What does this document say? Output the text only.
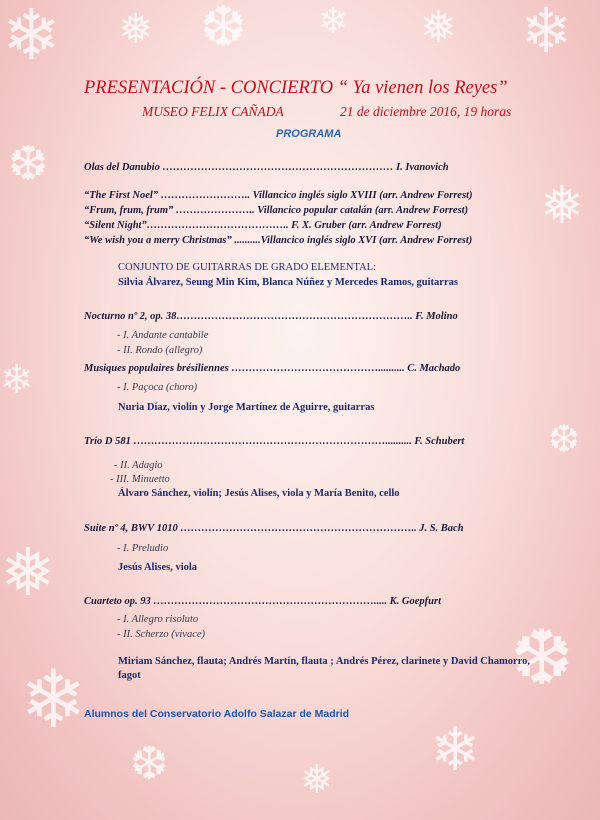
❄ ❅ ❆ ❄ ❅ ❄
❆
❅
❄
❆
❅
❄
❆	❅ ❄
❆
PRESENTACIÓN - CONCIERTO “ Ya vienen los Reyes”
MUSEO FELIX CAÑADA	21 de diciembre 2016, 19 horas
PROGRAMA
Olas del Danubio ………………………………………………………… I. Ivanovich
“The First Noel” …………………….. Villancico inglés siglo XVIII (arr. Andrew Forrest)
“Frum, frum, frum” ………………….. Villancico popular catalán (arr. Andrew Forrest)
“Silent Night”………………………………….. F. X. Gruber (arr. Andrew Forrest)
“We wish you a merry Christmas” ..........Villancico inglés siglo XVI (arr. Andrew Forrest)
CONJUNTO DE GUITARRAS DE GRADO ELEMENTAL:
Silvia Álvarez, Seung Min Kim, Blanca Núñez y Mercedes Ramos, guitarras
Nocturno nº 2, op. 38………………………………………………………….. F. Molino
- I. Andante cantabile
- II. Rondo (allegro)
Musiques populaires brésiliennes …………………………………….......... C. Machado
- I. Paçoca (choro)
Nuria Díaz, violín y Jorge Martínez de Aguirre, guitarras
Trío D 581 ……………………………………………………………….......... F. Schubert
- II. Adagio
- III. Minuetto
Álvaro Sánchez, violín; Jesús Alises, viola y María Benito, cello
Suite nº 4, BWV 1010 ………………………………………………………….. J. S. Bach
- I. Preludio
Jesús Alises, viola
Cuarteto op. 93 ………………………………………………………..... K. Goepfurt
- I. Allegro risoluto
- II. Scherzo (vivace)
Miriam Sánchez, flauta; Andrés Martín, flauta ; Andrés Pérez, clarinete y David Chamorro, fagot
Alumnos del Conservatorio Adolfo Salazar de Madrid
